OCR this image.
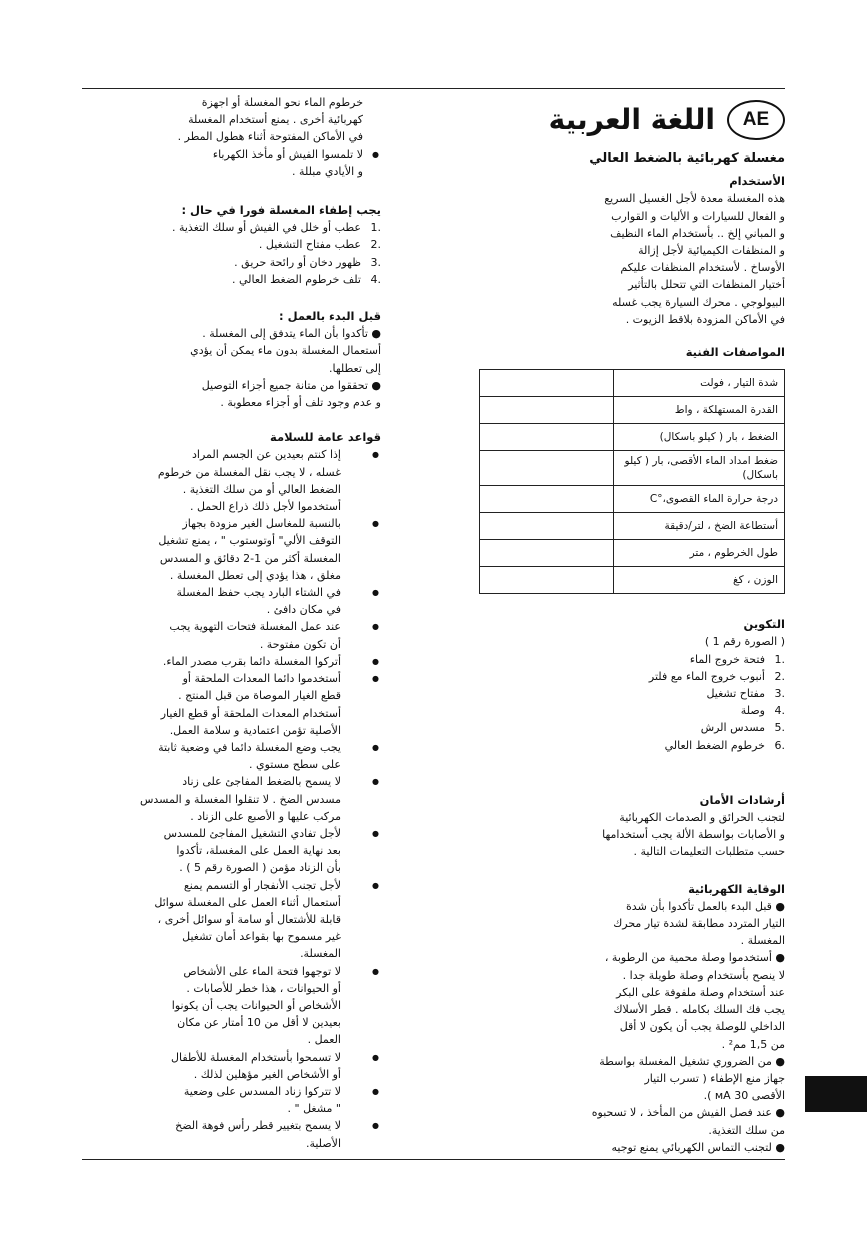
AE
اللغة العربية
مغسلة كهربائية بالضغط العالي
الأستخدام

هذه المغسلة معدة لأجل الغسيل السريع

و الفعال للسيارات و الأليات و القوارب

و المباني إلخ .. بأستخدام الماء النظيف

و المنظفات الكيميائية لأجل إزالة

الأوساخ . لأستخدام المنظفات عليكم

أختيار المنظفات التي تتحلل بالتأثير

البيولوجي . محرك السيارة يجب غسله

في الأماكن المزودة بلاقط الزيوت .

المواصفات الفنية
شدة التيار ، فولت	
القدرة المستهلكة ، واط	
الضغط ، بار ( كيلو باسكال)	
ضغط امداد الماء الأقصى، بار ( كيلو باسكال)	
درجة حرارة الماء القصوى،°C	
أستطاعة الضخ ، لتر/دقيقة	
طول الخرطوم ، متر	
الوزن ، كغ	
التكوين
( الصورة رقم 1 )
1.
فتحة خروج الماء
2.
أنبوب خروج الماء مع فلتر
3.
مفتاح تشغيل
4.
وصلة
5.
مسدس الرش
6.
خرطوم الضغط العالي
أرشادات الأمان

لتجنب الحرائق و الصدمات الكهربائية

و الأصابات بواسطة الألة يجب أستخدامها

حسب متطلبات التعليمات التالية .

الوقاية الكهربائية

● قبل البدء بالعمل تأكدوا بأن شدة

التيار المتردد مطابقة لشدة تيار محرك

المغسلة .

● أستخدموا وصلة محمية من الرطوبة ،

لا ينصح بأستخدام وصلة طويلة جدا .

عند أستخدام وصلة ملفوفة على البكر

يجب فك السلك بكامله . قطر الأسلاك

الداخلي للوصلة يجب أن يكون لا أقل

من 1,5 مم² .

● من الضروري تشغيل المغسلة بواسطة

جهاز منع الإطفاء ( تسرب التيار

الأقصى 30 мА ).

● عند فصل الفيش من المأخذ ، لا تسحبوه

من سلك التغذية.

● لتجنب التماس الكهربائي يمنع توجيه

خرطوم الماء نحو المغسلة أو اجهزة

كهربائية أخرى . يمنع أستخدام المغسلة

في الأماكن المفتوحة أثناء هطول المطر .

● لا تلمسوا الفيش أو مأخذ الكهرباء

و الأيادي مبللة .

يجب إطفاء المغسلة فورا في حال :
1.
عطب أو خلل في الفيش أو سلك التغذية .
2.
عطب مفتاح التشغيل .
3.
ظهور دخان أو رائحة حريق .
4.
تلف خرطوم الضغط العالي .
قبل البدء بالعمل :

● تأكدوا بأن الماء يتدفق إلى المغسلة .

أستعمال المغسلة بدون ماء يمكن أن يؤدي

إلى تعطلها.

● تحققوا من متانة جميع أجزاء التوصيل

و عدم وجود تلف أو أجزاء معطوبة .

قواعد عامة للسلامة

● إذا كنتم بعيدين عن الجسم المراد

غسله ، لا يجب نقل المغسلة من خرطوم

الضغط العالي أو من سلك التغذية .

أستخدموا لأجل ذلك ذراع الحمل .

● بالنسبة للمغاسل الغير مزودة بجهاز

التوقف الألي" أوتوستوب " ، يمنع تشغيل

المغسلة أكثر من 1-2 دقائق و المسدس

مغلق ، هذا يؤدي إلى تعطل المغسلة .

● في الشتاء البارد يجب حفظ المغسلة

في مكان دافئ .

● عند عمل المغسلة فتحات التهوية يجب

أن تكون مفتوحة .

● أتركوا المغسلة دائما بقرب مصدر الماء.

● أستخدموا دائما المعدات الملحقة أو

قطع الغيار الموصاة من قبل المنتج .

أستخدام المعدات الملحقة أو قطع الغيار

الأصلية تؤمن اعتمادية و سلامة العمل.

● يجب وضع المغسلة دائما في وضعية ثابتة

على سطح مستوي .

● لا يسمح بالضغط المفاجئ على زناد

مسدس الضخ . لا تنقلوا المغسلة و المسدس

مركب عليها و الأصبع على الزناد .

● لأجل تفادي التشغيل المفاجئ للمسدس

بعد نهاية العمل على المغسلة، تأكدوا

بأن الزناد مؤمن ( الصورة رقم 5 ) .

● لأجل تجنب الأنفجار أو التسمم يمنع

أستعمال أثناء العمل على المغسلة سوائل

قابلة للأشتعال أو سامة أو سوائل أخرى ،

غير مسموح بها بقواعد أمان تشغيل

المغسلة.

● لا توجهوا فتحة الماء على الأشخاص

أو الحيوانات ، هذا خطر للأصابات .

الأشخاص أو الحيوانات يجب أن يكونوا

بعيدين لا أقل من 10 أمتار عن مكان

العمل .

● لا تسمحوا بأستخدام المغسلة للأطفال

أو الأشخاص الغير مؤهلين لذلك .

● لا تتركوا زناد المسدس على وضعية

" مشغل " .

● لا يسمح بتغيير قطر رأس فوهة الضخ

الأصلية.
